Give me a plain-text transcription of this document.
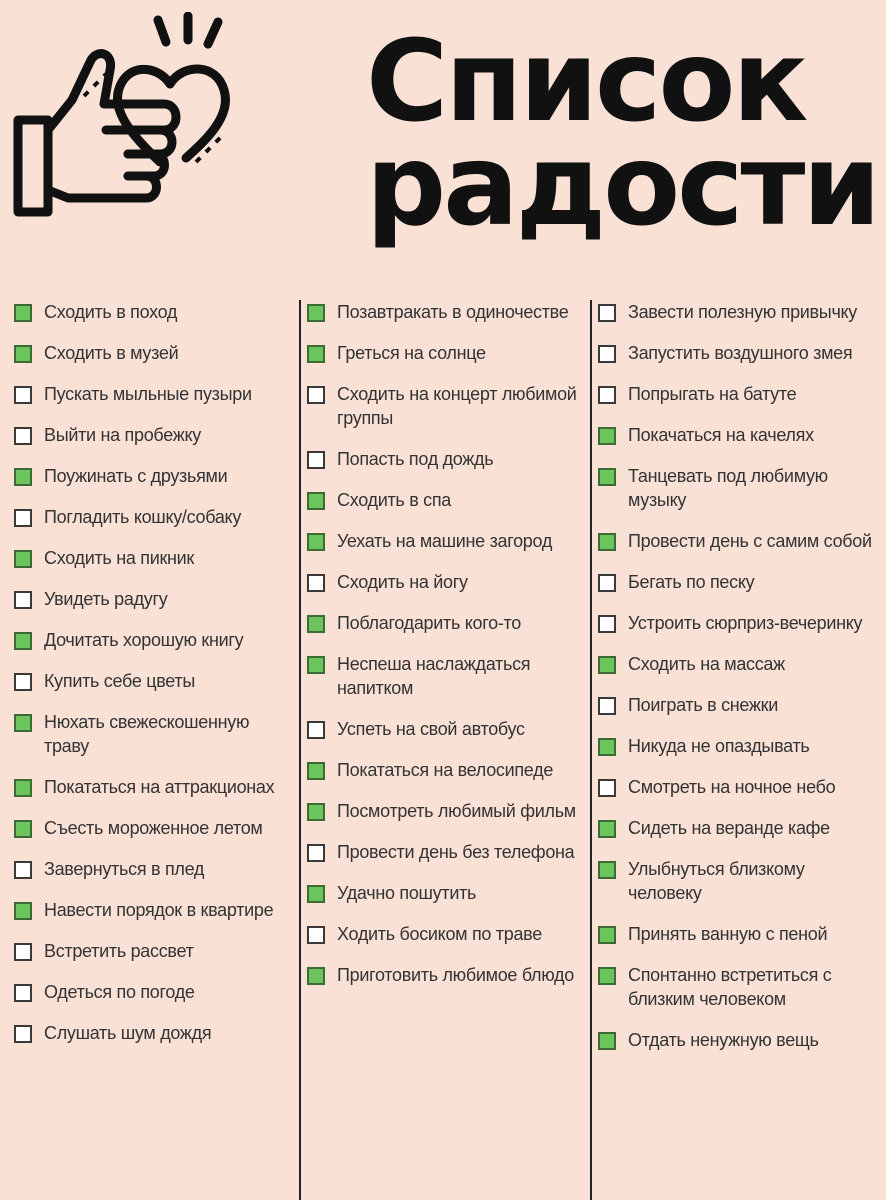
Список
радости
Сходить в поход
Сходить в музей
Пускать мыльные пузыри
Выйти на пробежку
Поужинать с друзьями
Погладить кошку/собаку
Сходить на пикник
Увидеть радугу
Дочитать хорошую книгу
Купить себе цветы
Нюхать свежескошенную траву
Покататься на аттракционах
Съесть мороженное летом
Завернуться в плед
Навести порядок в квартире
Встретить рассвет
Одеться по погоде
Слушать шум дождя
Позавтракать в одиночестве
Греться на солнце
Сходить на концерт любимой группы
Попасть под дождь
Сходить в спа
Уехать на машине загород
Сходить на йогу
Поблагодарить кого-то
Неспеша наслаждаться напитком
Успеть на свой автобус
Покататься на велосипеде
Посмотреть любимый фильм
Провести день без телефона
Удачно пошутить
Ходить босиком по траве
Приготовить любимое блюдо
Завести полезную привычку
Запустить воздушного змея
Попрыгать на батуте
Покачаться на качелях
Танцевать под любимую музыку
Провести день с самим собой
Бегать по песку
Устроить сюрприз-вечеринку
Сходить на массаж
Поиграть в снежки
Никуда не опаздывать
Смотреть на ночное небо
Сидеть на веранде кафе
Улыбнуться близкому человеку
Принять ванную с пеной
Спонтанно встретиться с близким человеком
Отдать ненужную вещь
